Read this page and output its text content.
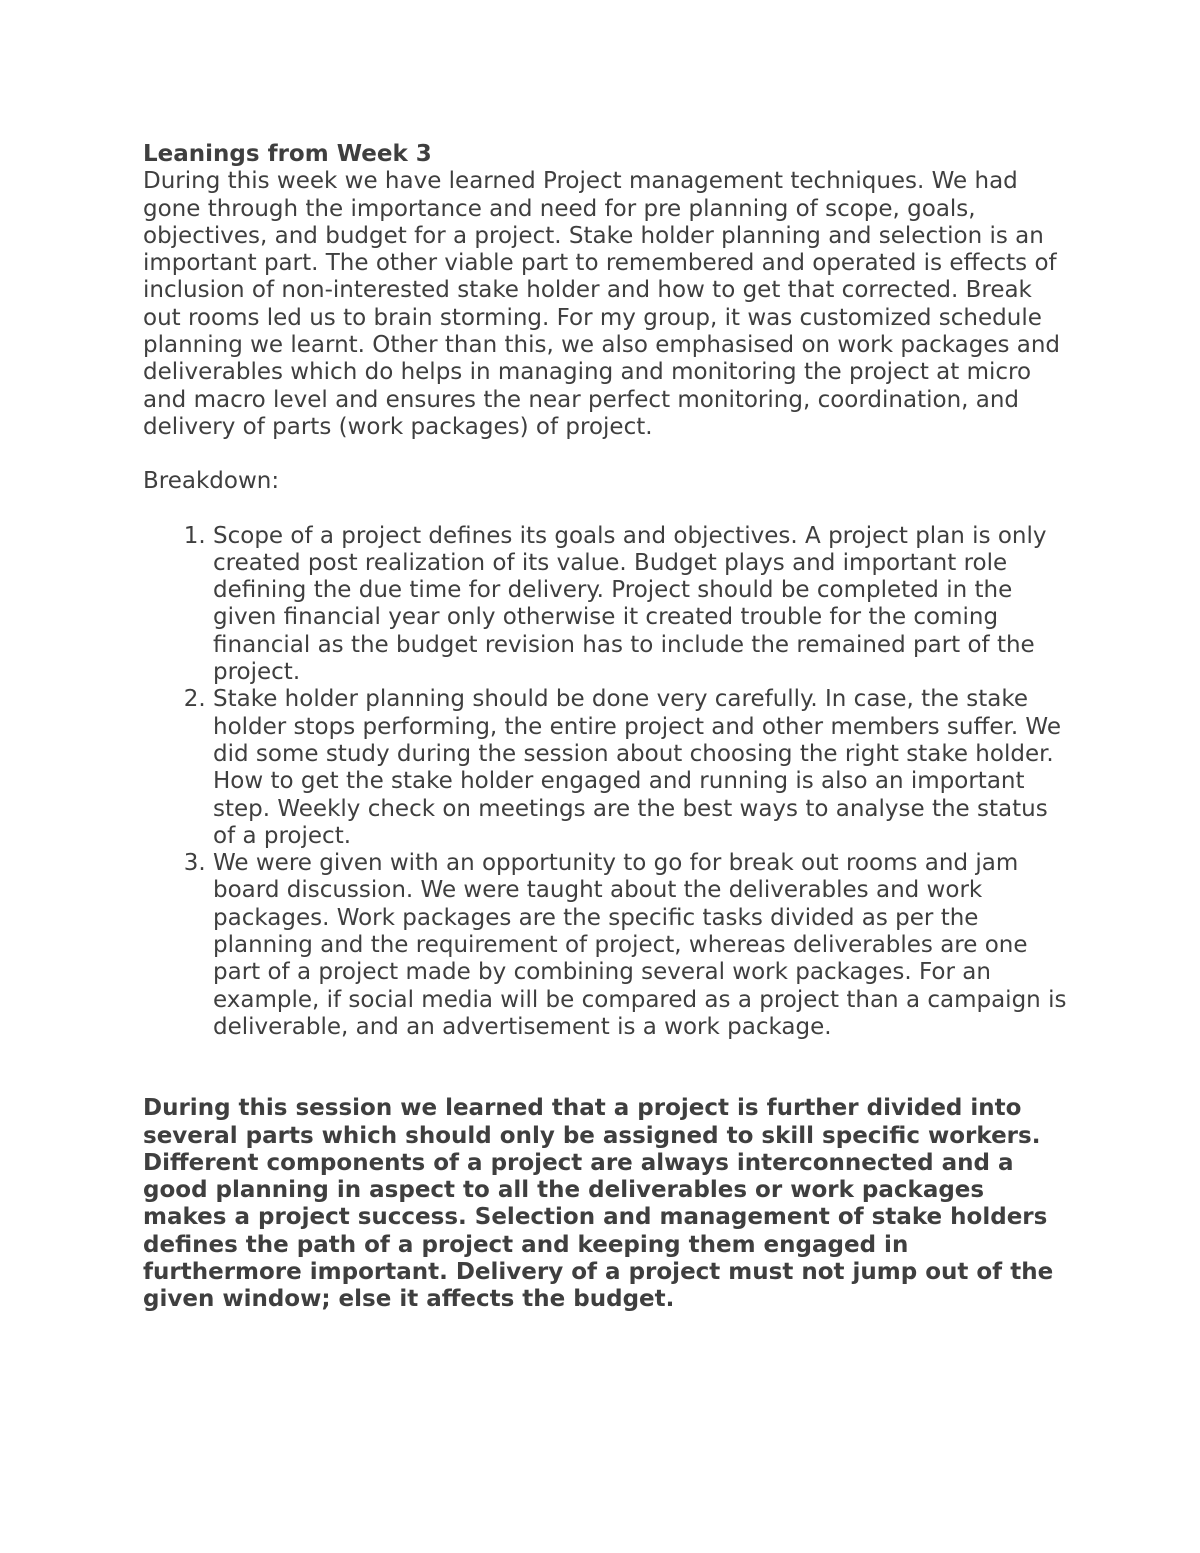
Leanings from Week 3

During this week we have learned Project management techniques. We had gone through the importance and need for pre planning of scope, goals, objectives, and budget for a project. Stake holder planning and selection is an important part. The other viable part to remembered and operated is effects of inclusion of non-interested stake holder and how to get that corrected. Break out rooms led us to brain storming. For my group, it was customized schedule planning we learnt. Other than this, we also emphasised on work packages and deliverables which do helps in managing and monitoring the project at micro and macro level and ensures the near perfect monitoring, coordination, and delivery of parts (work packages) of project.

Breakdown:

1. Scope of a project defines its goals and objectives. A project plan is only created post realization of its value. Budget plays and important role defining the due time for delivery. Project should be completed in the given financial year only otherwise it created trouble for the coming financial as the budget revision has to include the remained part of the project.
2. Stake holder planning should be done very carefully. In case, the stake holder stops performing, the entire project and other members suffer. We did some study during the session about choosing the right stake holder. How to get the stake holder engaged and running is also an important step. Weekly check on meetings are the best ways to analyse the status of a project.
3. We were given with an opportunity to go for break out rooms and jam board discussion. We were taught about the deliverables and work packages. Work packages are the specific tasks divided as per the planning and the requirement of project, whereas deliverables are one part of a project made by combining several work packages. For an example, if social media will be compared as a project than a campaign is deliverable, and an advertisement is a work package.

During this session we learned that a project is further divided into several parts which should only be assigned to skill specific workers. Different components of a project are always interconnected and a good planning in aspect to all the deliverables or work packages makes a project success. Selection and management of stake holders defines the path of a project and keeping them engaged in furthermore important. Delivery of a project must not jump out of the given window; else it affects the budget.
